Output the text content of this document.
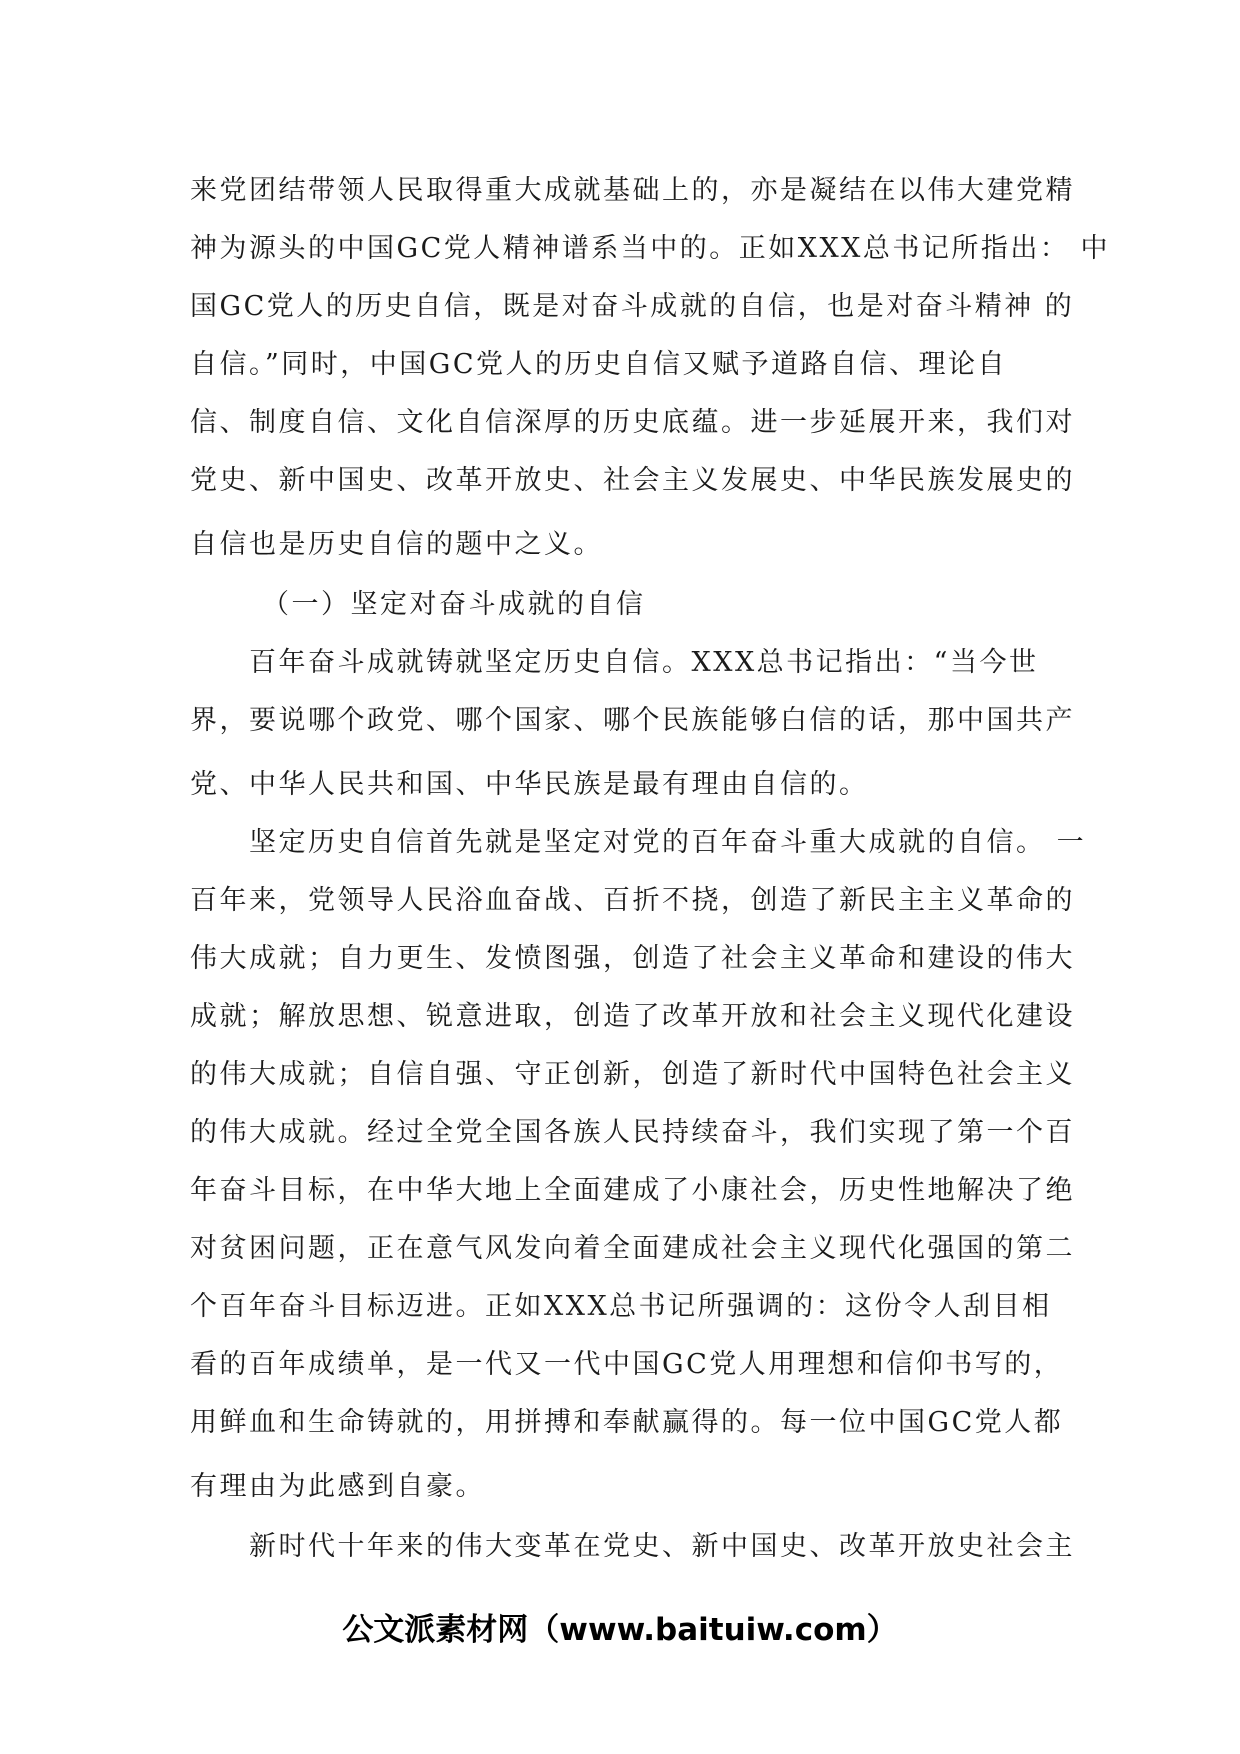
来党团结带领人民取得重大成就基础上的，亦是凝结在以伟大建党精
神为源头的中国GC党人精神谱系当中的。正如XXX总书记所指出： 中
国GC党人的历史自信，既是对奋斗成就的自信，也是对奋斗精神 的
自信。”同时，中国GC党人的历史自信又赋予道路自信、理论自
信、制度自信、文化自信深厚的历史底蕴。进一步延展开来，我们对
党史、新中国史、改革开放史、社会主义发展史、中华民族发展史的
自信也是历史自信的题中之义。
（一）坚定对奋斗成就的自信
百年奋斗成就铸就坚定历史自信。XXX总书记指出：“当今世
界，要说哪个政党、哪个国家、哪个民族能够白信的话，那中国共产
党、中华人民共和国、中华民族是最有理由自信的。
坚定历史自信首先就是坚定对党的百年奋斗重大成就的自信。 一
百年来，党领导人民浴血奋战、百折不挠，创造了新民主主义革命的
伟大成就；自力更生、发愤图强，创造了社会主义革命和建设的伟大
成就；解放思想、锐意进取，创造了改革开放和社会主义现代化建设
的伟大成就；自信自强、守正创新，创造了新时代中国特色社会主义
的伟大成就。经过全党全国各族人民持续奋斗，我们实现了第一个百
年奋斗目标，在中华大地上全面建成了小康社会，历史性地解决了绝
对贫困问题，正在意气风发向着全面建成社会主义现代化强国的第二
个百年奋斗目标迈进。正如XXX总书记所强调的：这份令人刮目相
看的百年成绩单，是一代又一代中国GC党人用理想和信仰书写的，
用鲜血和生命铸就的，用拼搏和奉献赢得的。每一位中国GC党人都
有理由为此感到自豪。
新时代十年来的伟大变革在党史、新中国史、改革开放史社会主
公文派素材网（www.baituiw.com）
